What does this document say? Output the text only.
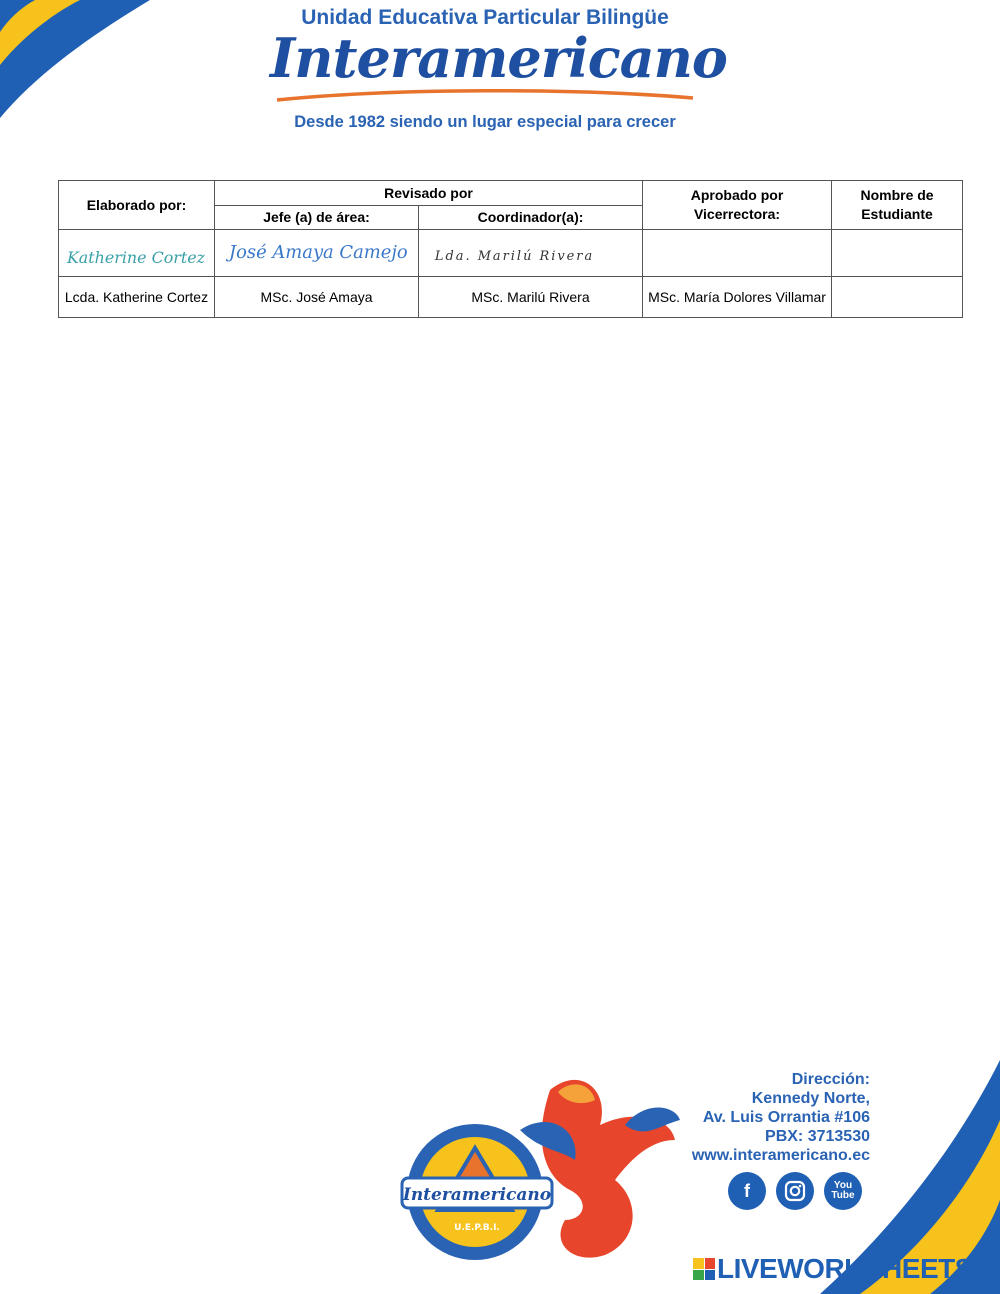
Unidad Educativa Particular Bilingüe
Interamericano
Desde 1982 siendo un lugar especial para crecer
Elaborado por:	Revisado por		Aprobado por Vicerrectora:	Nombre de Estudiante
	Jefe (a) de área:	Coordinador(a):		

Katherine Cortez	José Amaya Camejo	Lda. Marilú Rivera		

Lcda. Katherine Cortez	MSc. José Amaya	MSc. Marilú Rivera	MSc. María Dolores Villamar	
Interamericano
U.E.P.B.I.
Dirección:
Kennedy Norte,
Av. Luis Orrantia #106
PBX: 3713530
www.interamericano.ec
f	You
Tube
LIVEWORKSHEETS
